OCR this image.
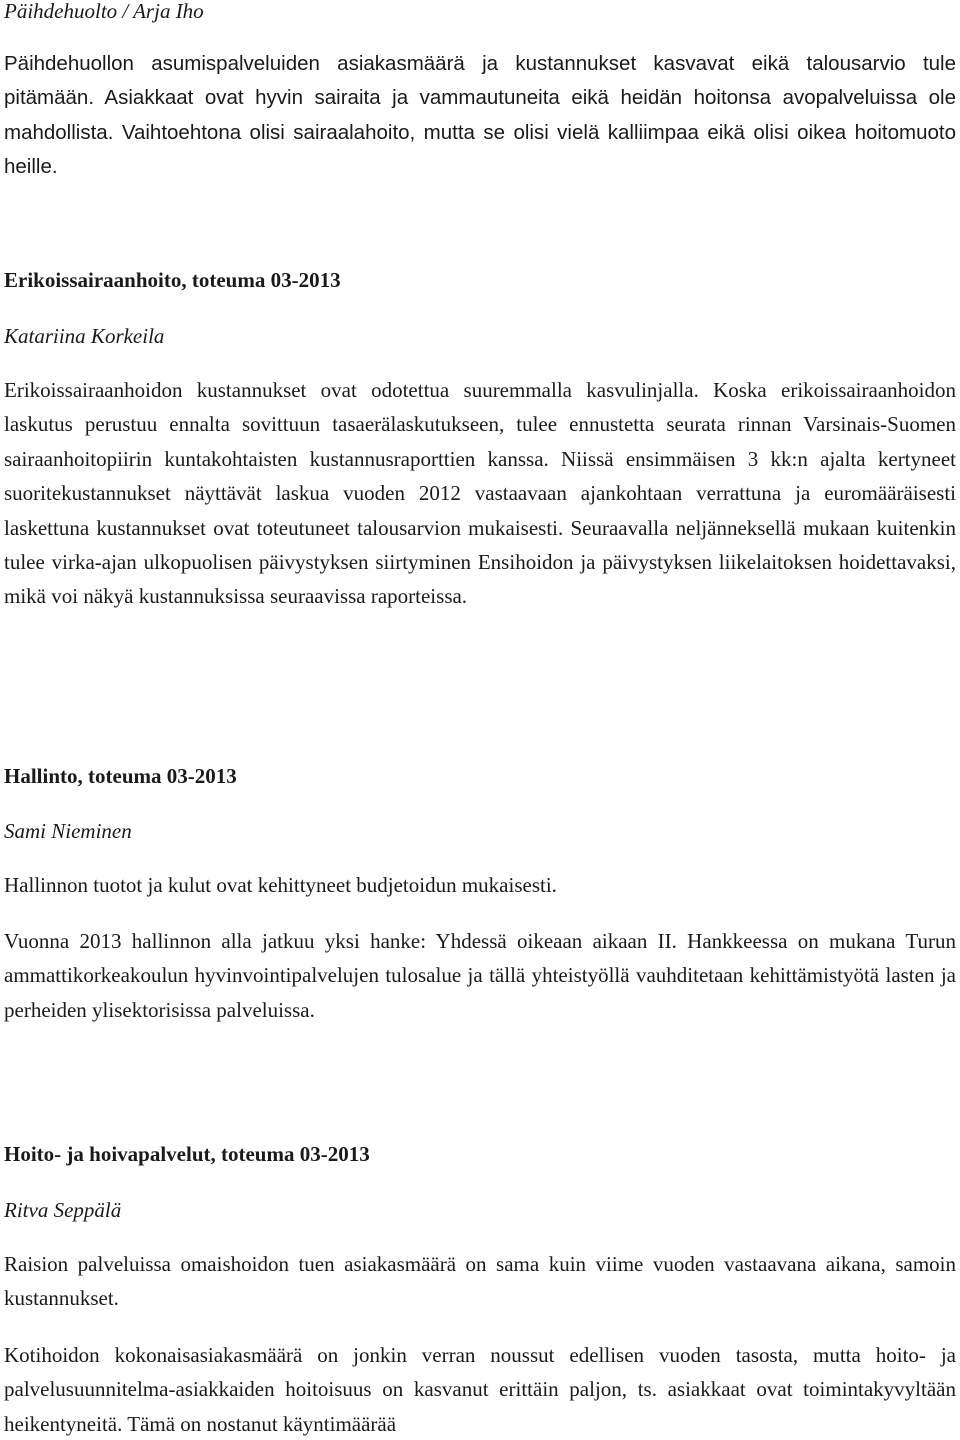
Päihdehuolto / Arja Iho

Päihdehuollon asumispalveluiden asiakasmäärä ja kustannukset kasvavat eikä talousarvio tule pitämään. Asiakkaat ovat hyvin sairaita ja vammautuneita eikä heidän hoitonsa avopalveluissa ole mahdollista. Vaihtoehtona olisi sairaalahoito, mutta se olisi vielä kalliimpaa eikä olisi oikea hoitomuoto heille.

Erikoissairaanhoito, toteuma 03-2013

Katariina Korkeila

Erikoissairaanhoidon kustannukset ovat odotettua suuremmalla kasvulinjalla. Koska erikoissairaanhoidon laskutus perustuu ennalta sovittuun tasaerälaskutukseen, tulee ennustetta seurata rinnan Varsinais-Suomen sairaanhoitopiirin kuntakohtaisten kustannusraporttien kanssa. Niissä ensimmäisen 3 kk:n ajalta kertyneet suoritekustannukset näyttävät laskua vuoden 2012 vastaavaan ajankohtaan verrattuna ja euromääräisesti laskettuna kustannukset ovat toteutuneet talousarvion mukaisesti. Seuraavalla neljänneksellä mukaan kuitenkin tulee virka-ajan ulkopuolisen päivystyksen siirtyminen Ensihoidon ja päivystyksen liikelaitoksen hoidettavaksi, mikä voi näkyä kustannuksissa seuraavissa raporteissa.

Hallinto, toteuma 03-2013

Sami Nieminen

Hallinnon tuotot ja kulut ovat kehittyneet budjetoidun mukaisesti.

Vuonna 2013 hallinnon alla jatkuu yksi hanke: Yhdessä oikeaan aikaan II. Hankkeessa on mukana Turun ammattikorkeakoulun hyvinvointipalvelujen tulosalue ja tällä yhteistyöllä vauhditetaan kehittämistyötä lasten ja perheiden ylisektorisissa palveluissa.

Hoito- ja hoivapalvelut, toteuma 03-2013

Ritva Seppälä

Raision palveluissa omaishoidon tuen asiakasmäärä on sama kuin viime vuoden vastaavana aikana, samoin kustannukset.

Kotihoidon kokonaisasiakasmäärä on jonkin verran noussut edellisen vuoden tasosta, mutta hoito- ja palvelusuunnitelma-asiakkaiden hoitoisuus on kasvanut erittäin paljon, ts. asiakkaat ovat toimintakyvyltään heikentyneitä. Tämä on nostanut käyntimäärää
